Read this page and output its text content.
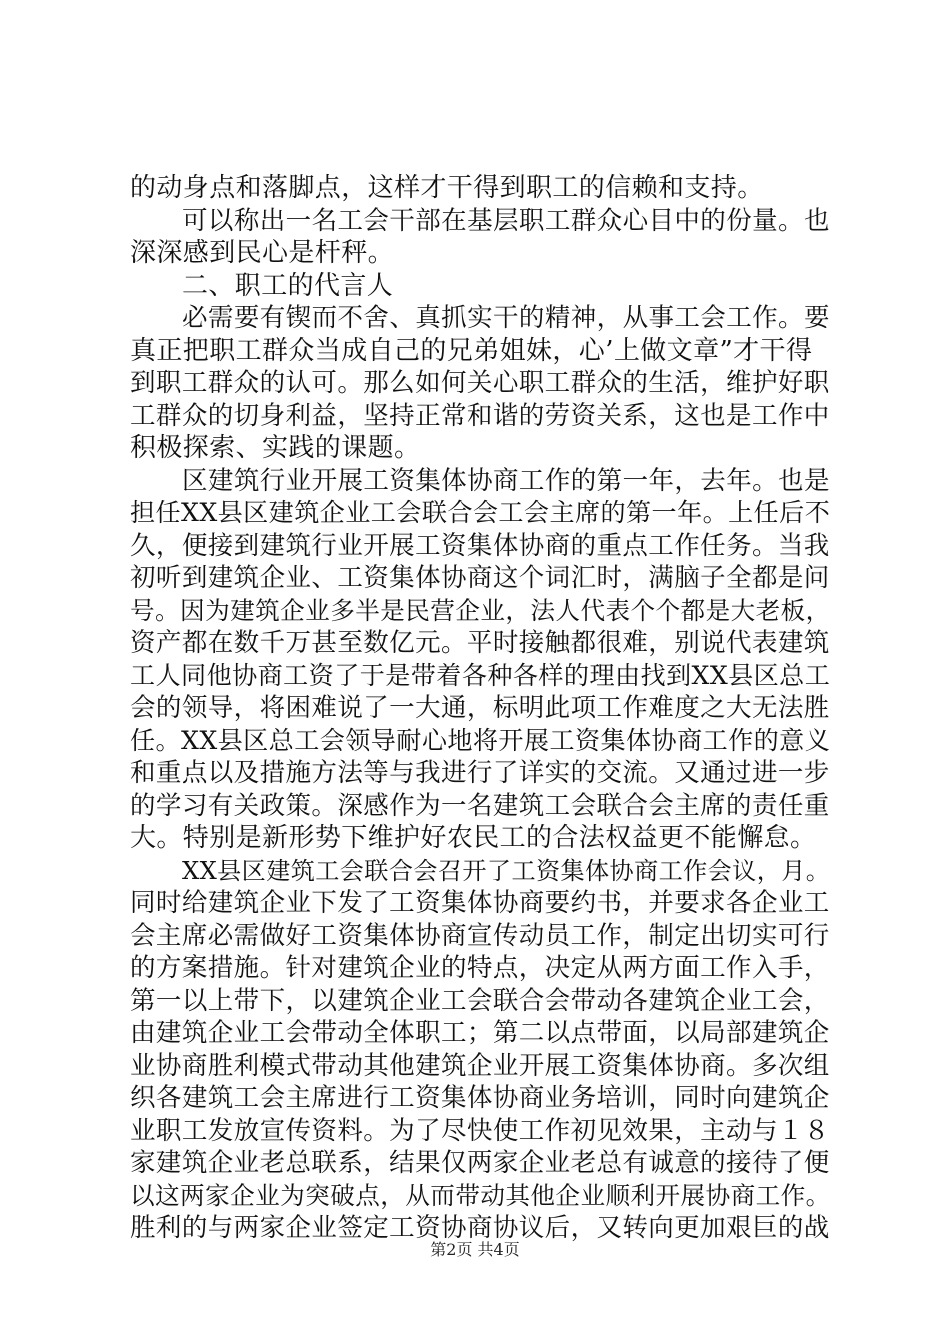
的动身点和落脚点，这样才干得到职工的信赖和支持。
可以称出一名工会干部在基层职工群众心目中的份量。也
深深感到民心是杆秤。
二、职工的代言人
必需要有锲而不舍、真抓实干的精神，从事工会工作。要
真正把职工群众当成自己的兄弟姐妹，心’上做文章”才干得
到职工群众的认可。那么如何关心职工群众的生活，维护好职
工群众的切身利益，坚持正常和谐的劳资关系，这也是工作中
积极探索、实践的课题。
区建筑行业开展工资集体协商工作的第一年，去年。也是
担任XX县区建筑企业工会联合会工会主席的第一年。上任后不
久，便接到建筑行业开展工资集体协商的重点工作任务。当我
初听到建筑企业、工资集体协商这个词汇时，满脑子全都是问
号。因为建筑企业多半是民营企业，法人代表个个都是大老板，
资产都在数千万甚至数亿元。平时接触都很难，别说代表建筑
工人同他协商工资了于是带着各种各样的理由找到XX县区总工
会的领导，将困难说了一大通，标明此项工作难度之大无法胜
任。XX县区总工会领导耐心地将开展工资集体协商工作的意义
和重点以及措施方法等与我进行了详实的交流。又通过进一步
的学习有关政策。深感作为一名建筑工会联合会主席的责任重
大。特别是新形势下维护好农民工的合法权益更不能懈怠。
XX县区建筑工会联合会召开了工资集体协商工作会议，月。
同时给建筑企业下发了工资集体协商要约书，并要求各企业工
会主席必需做好工资集体协商宣传动员工作，制定出切实可行
的方案措施。针对建筑企业的特点，决定从两方面工作入手，
第一以上带下，以建筑企业工会联合会带动各建筑企业工会，
由建筑企业工会带动全体职工；第二以点带面，以局部建筑企
业协商胜利模式带动其他建筑企业开展工资集体协商。多次组
织各建筑工会主席进行工资集体协商业务培训，同时向建筑企
业职工发放宣传资料。为了尽快使工作初见效果，主动与１８
家建筑企业老总联系，结果仅两家企业老总有诚意的接待了便
以这两家企业为突破点，从而带动其他企业顺利开展协商工作。
胜利的与两家企业签定工资协商协议后，又转向更加艰巨的战
第2页 共4页
